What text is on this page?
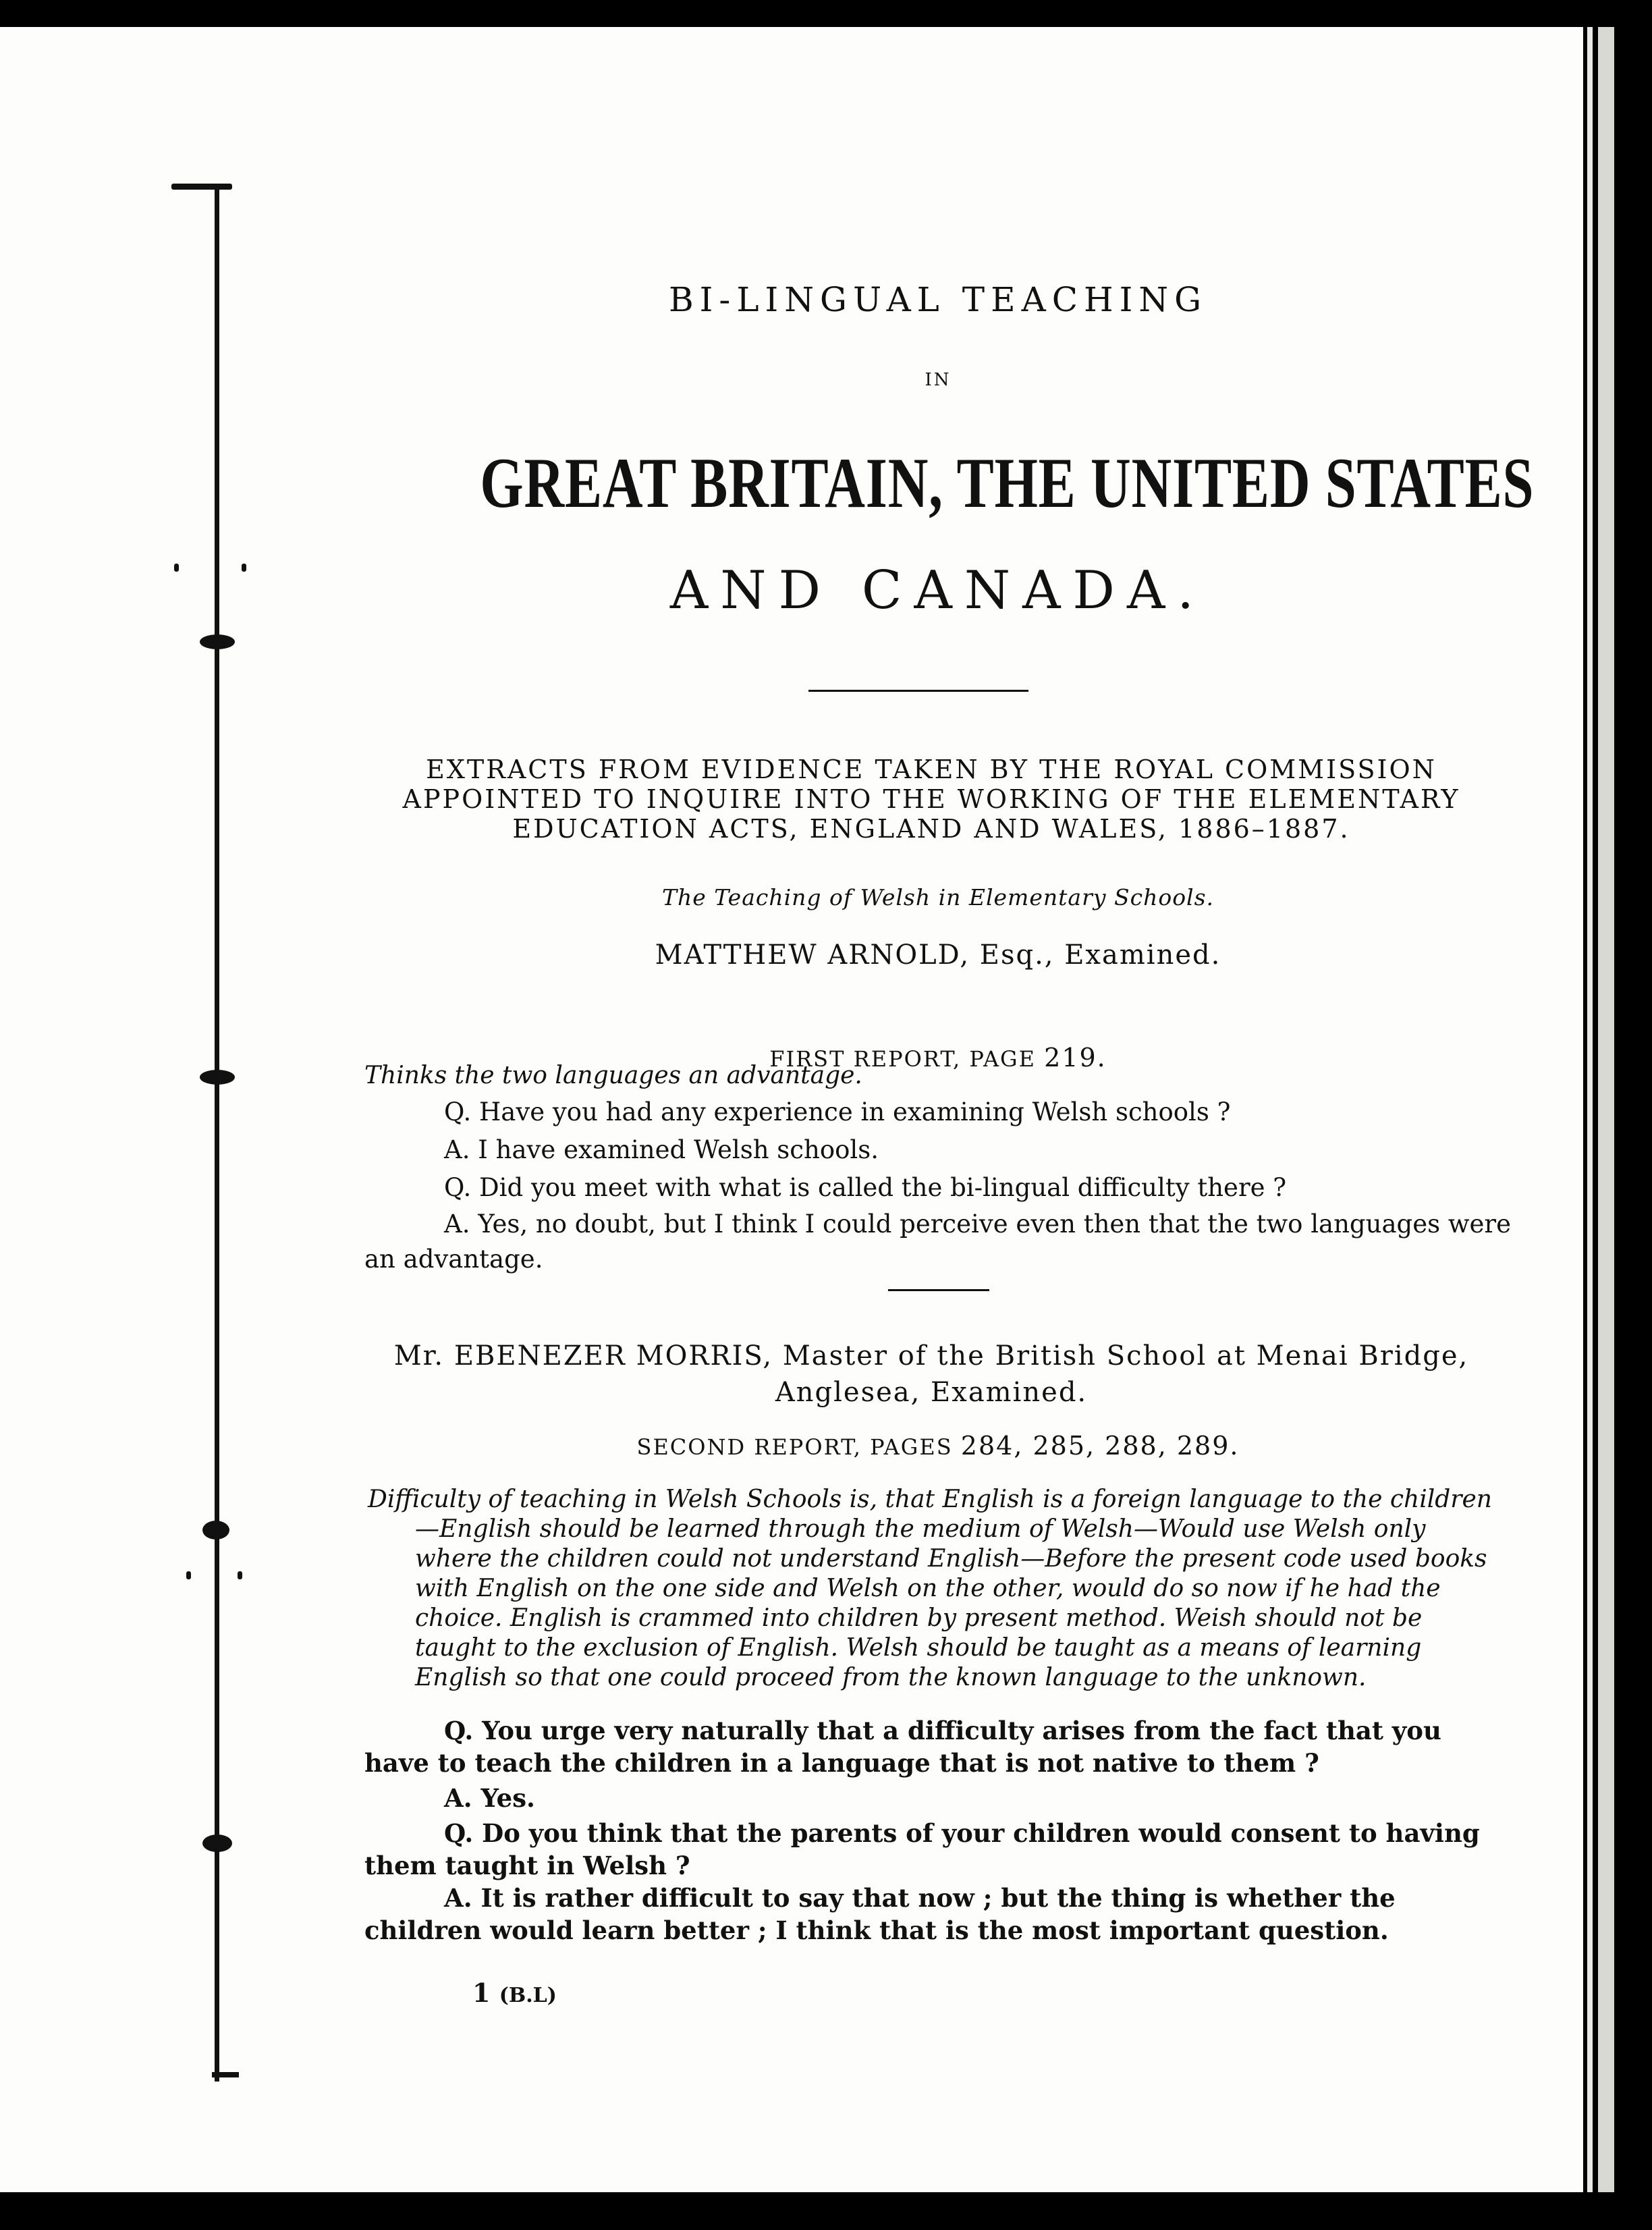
BI-LINGUAL TEACHING
IN
GREAT BRITAIN, THE UNITED STATES
AND CANADA.
EXTRACTS FROM EVIDENCE TAKEN BY THE ROYAL COMMISSION APPOINTED TO INQUIRE INTO THE WORKING OF THE ELEMENTARY EDUCATION ACTS, ENGLAND AND WALES, 1886–1887.
The Teaching of Welsh in Elementary Schools.
MATTHEW ARNOLD, Esq., Examined.
FIRST REPORT, PAGE 219.
Thinks the two languages an advantage.

Q. Have you had any experience in examining Welsh schools ?

A. I have examined Welsh schools.

Q. Did you meet with what is called the bi-lingual difficulty there ?

A. Yes, no doubt, but I think I could perceive even then that the two languages were an advantage.

Mr. EBENEZER MORRIS, Master of the British School at Menai Bridge, Anglesea, Examined.
SECOND REPORT, PAGES 284, 285, 288, 289.

Difficulty of teaching in Welsh Schools is, that English is a foreign language to the children—English should be learned through the medium of Welsh—Would use Welsh only where the children could not understand English—Before the present code used books with English on the one side and Welsh on the other, would do so now if he had the choice. English is crammed into children by present method. Weish should not be taught to the exclusion of English. Welsh should be taught as a means of learning English so that one could proceed from the known language to the unknown.

Q. You urge very naturally that a difficulty arises from the fact that you have to teach the children in a language that is not native to them ?

A. Yes.

Q. Do you think that the parents of your children would consent to having them taught in Welsh ?

A. It is rather difficult to say that now ; but the thing is whether the children would learn better ; I think that is the most important question.

1 (B.L)
